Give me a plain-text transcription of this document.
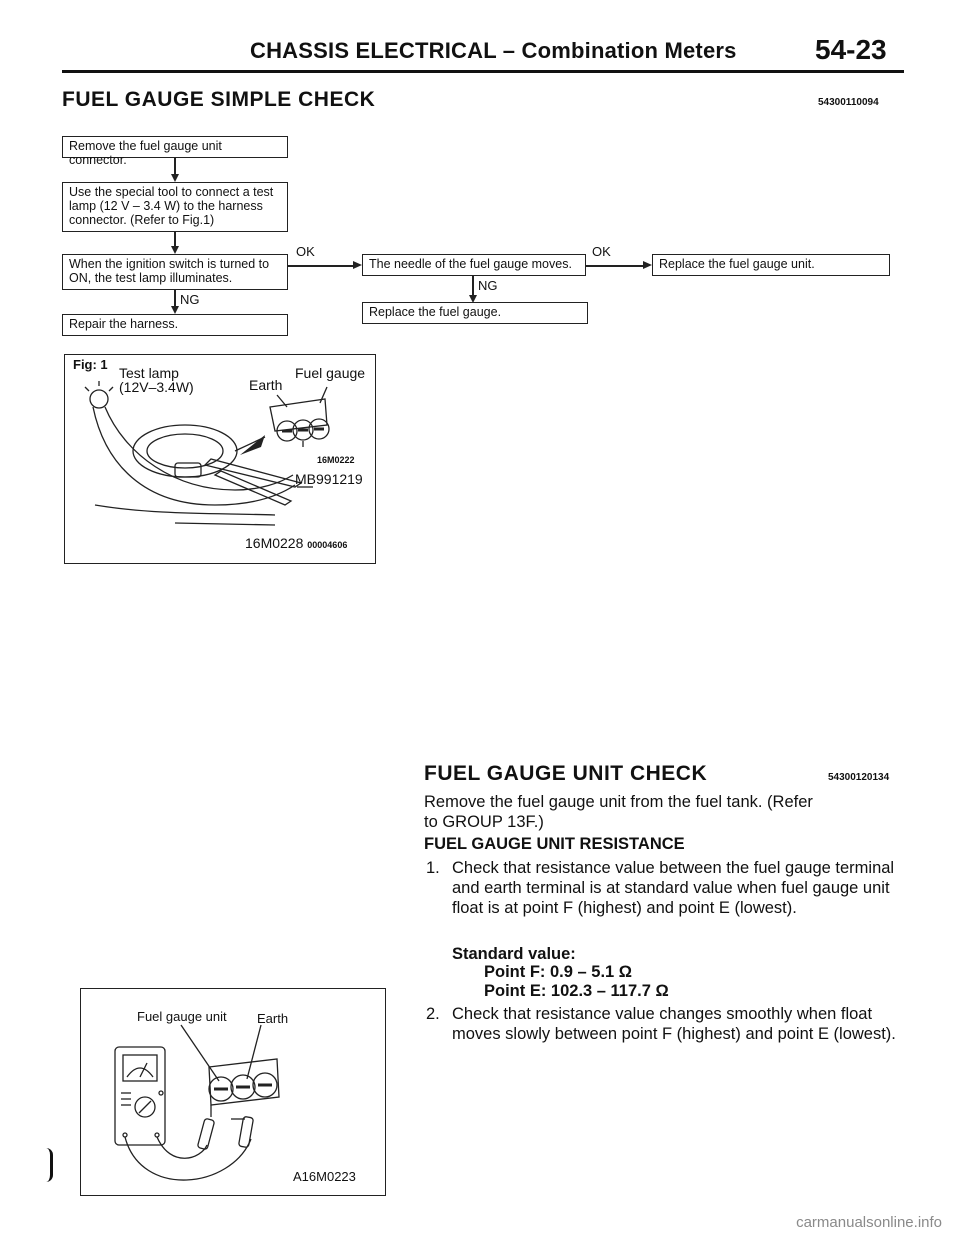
CHASSIS ELECTRICAL – Combination Meters	54-23
FUEL GAUGE SIMPLE CHECK	54300110094
Remove the fuel gauge unit connector.
Use the special tool to connect a test lamp (12 V – 3.4 W) to the harness connector. (Refer to Fig.1)
When the ignition switch is turned to ON, the test lamp illuminates.
OK
The needle of the fuel gauge moves.
OK
Replace the fuel gauge unit.
NG
Repair the harness.
NG
Replace the fuel gauge.
Fig: 1
Test lamp
(12V–3.4W)	Earth
Fuel gauge
16M0222
MB991219
16M0228 00004606
FUEL GAUGE UNIT CHECK	54300120134
Remove the fuel gauge unit from the fuel tank. (Refer to GROUP 13F.)
FUEL GAUGE UNIT RESISTANCE
1. Check that resistance value between the fuel gauge terminal and earth terminal is at standard value when fuel gauge unit float is at point F (highest) and point E (lowest).
Standard value:
Point F: 0.9 – 5.1 Ω
Point E: 102.3 – 117.7 Ω
2. Check that resistance value changes smoothly when float moves slowly between point F (highest) and point E (lowest).
Fuel gauge unit Earth
A16M0223
carmanualsonline.info
